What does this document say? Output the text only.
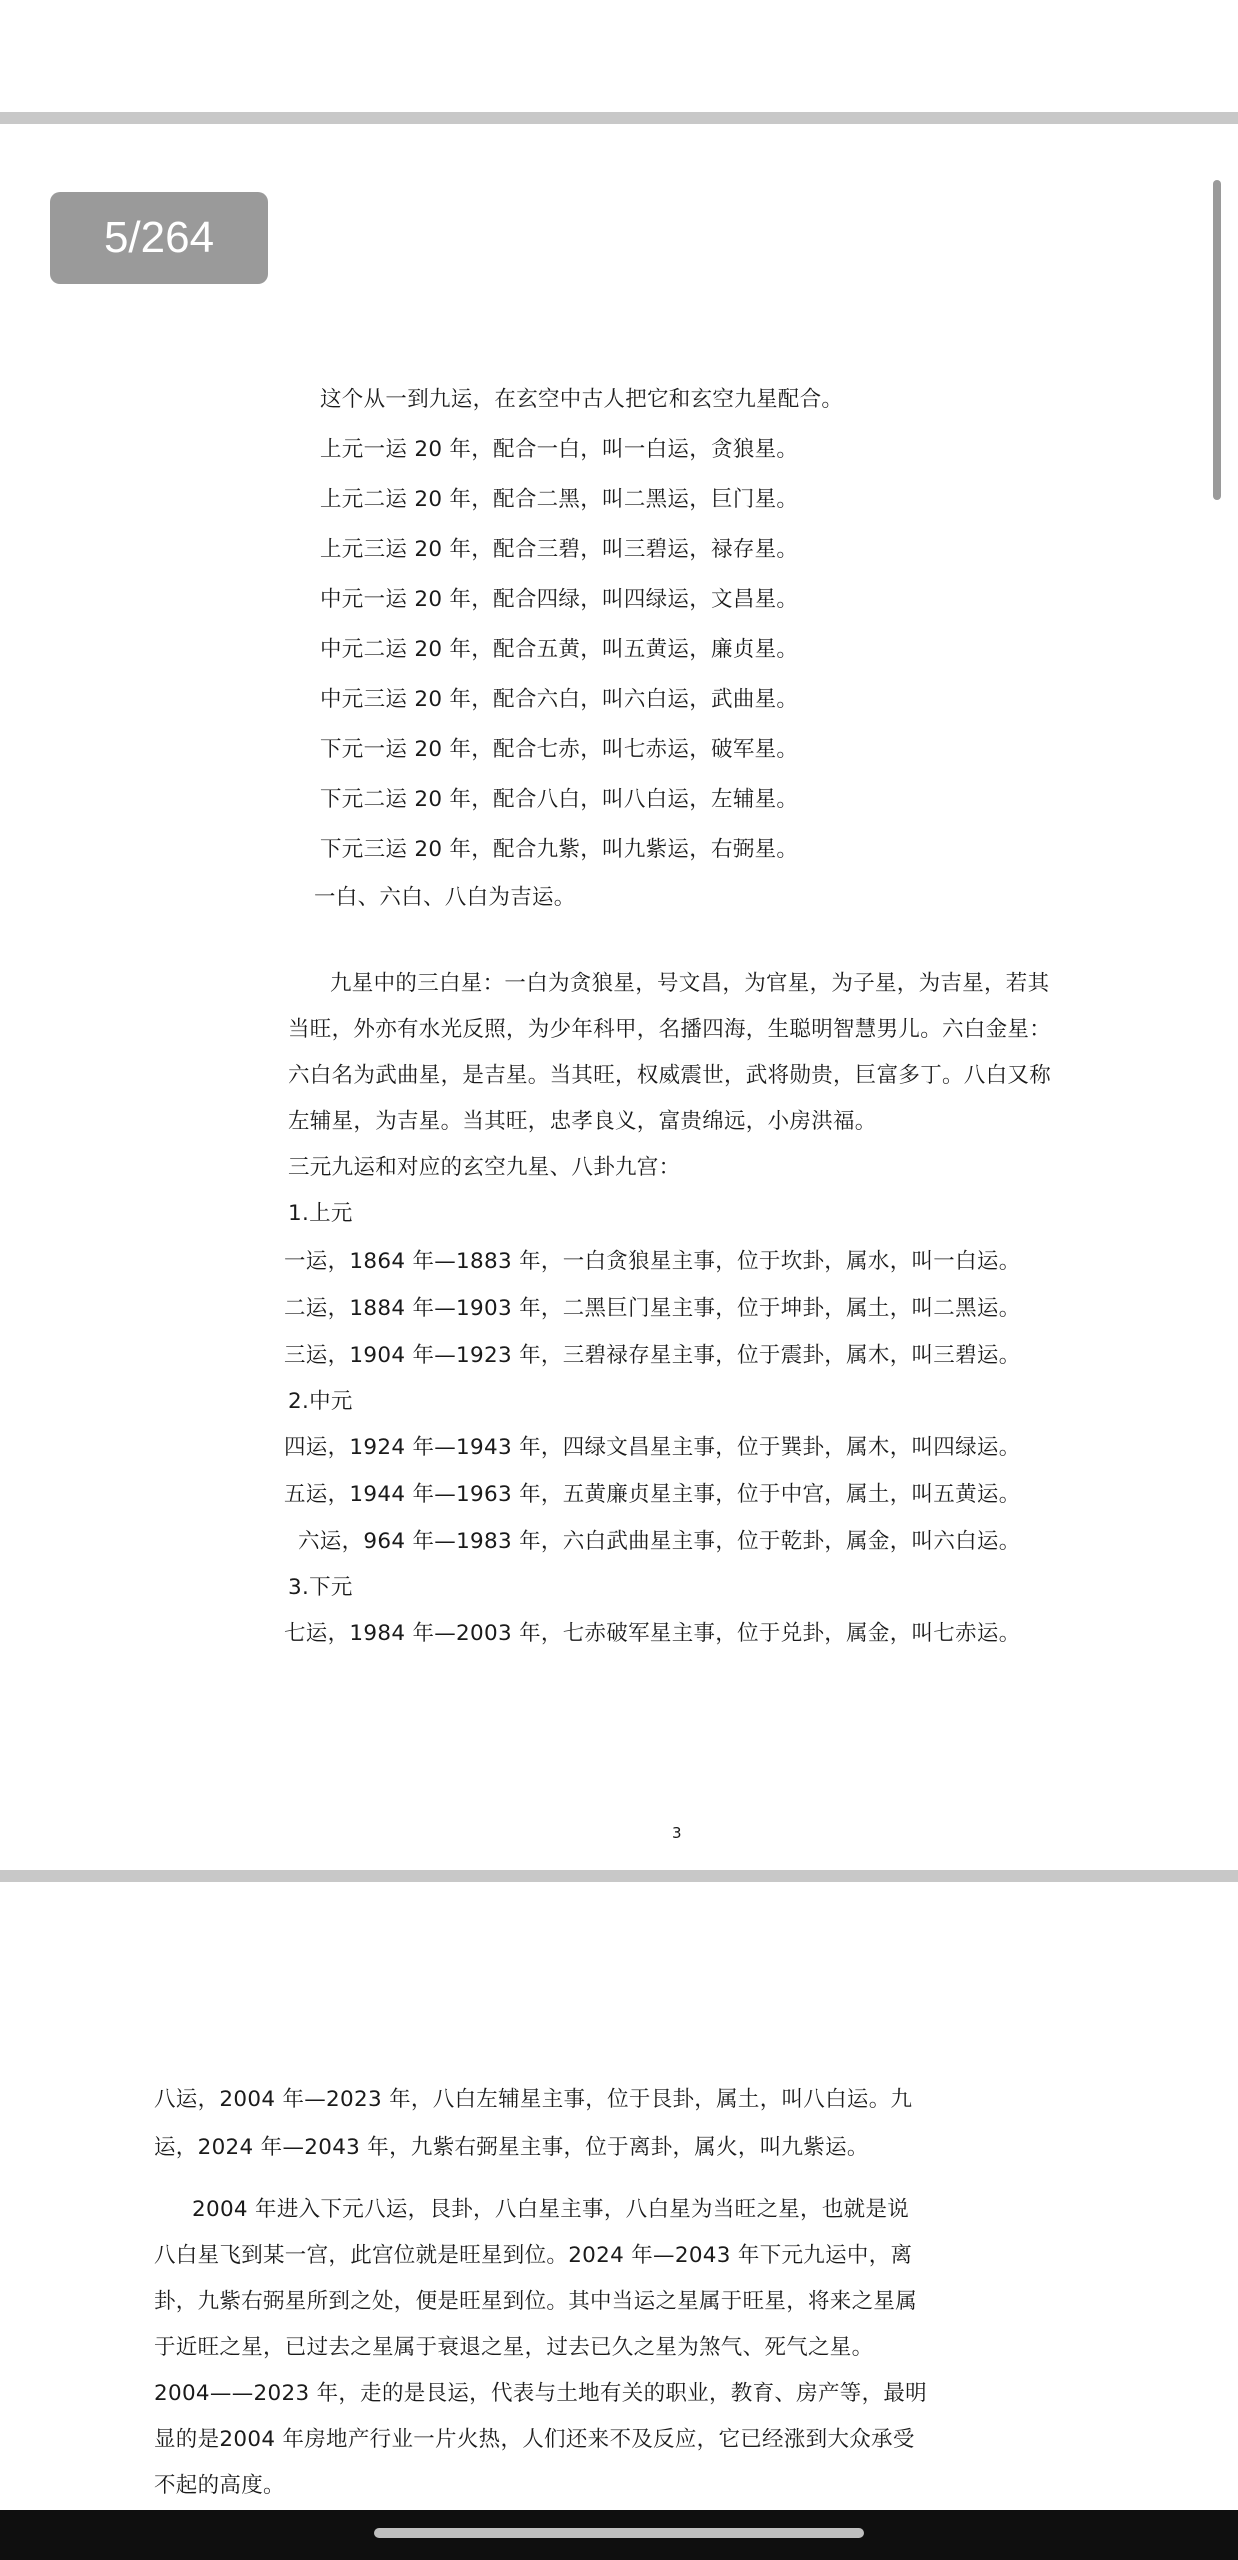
这个从一到九运，在玄空中古人把它和玄空九星配合。
上元一运 20 年，配合一白，叫一白运，贪狼星。
上元二运 20 年，配合二黑，叫二黑运，巨门星。
上元三运 20 年，配合三碧，叫三碧运，禄存星。
中元一运 20 年，配合四绿，叫四绿运，文昌星。
中元二运 20 年，配合五黄，叫五黄运，廉贞星。
中元三运 20 年，配合六白，叫六白运，武曲星。
下元一运 20 年，配合七赤，叫七赤运，破军星。
下元二运 20 年，配合八白，叫八白运，左辅星。
下元三运 20 年，配合九紫，叫九紫运，右弼星。
一白、六白、八白为吉运。
九星中的三白星：一白为贪狼星，号文昌，为官星，为子星，为吉星，若其
当旺，外亦有水光反照，为少年科甲，名播四海，生聪明智慧男儿。六白金星：
六白名为武曲星，是吉星。当其旺，权威震世，武将勋贵，巨富多丁。八白又称
左辅星，为吉星。当其旺，忠孝良义，富贵绵远，小房洪福。
三元九运和对应的玄空九星、八卦九宫：
1.上元
一运，1864 年—1883 年，一白贪狼星主事，位于坎卦，属水，叫一白运。
二运，1884 年—1903 年，二黑巨门星主事，位于坤卦，属土，叫二黑运。
三运，1904 年—1923 年，三碧禄存星主事，位于震卦，属木，叫三碧运。
2.中元
四运，1924 年—1943 年，四绿文昌星主事，位于巽卦，属木，叫四绿运。
五运，1944 年—1963 年，五黄廉贞星主事，位于中宫，属土，叫五黄运。
六运，964 年—1983 年，六白武曲星主事，位于乾卦，属金，叫六白运。
3.下元
七运，1984 年—2003 年，七赤破军星主事，位于兑卦，属金，叫七赤运。
3
5/264
八运，2004 年—2023 年，八白左辅星主事，位于艮卦，属土，叫八白运。九
运，2024 年—2043 年，九紫右弼星主事，位于离卦，属火，叫九紫运。
2004 年进入下元八运，艮卦，八白星主事，八白星为当旺之星，也就是说
八白星飞到某一宫，此宫位就是旺星到位。2024 年—2043 年下元九运中，离
卦，九紫右弼星所到之处，便是旺星到位。其中当运之星属于旺星，将来之星属
于近旺之星，已过去之星属于衰退之星，过去已久之星为煞气、死气之星。
2004——2023 年，走的是艮运，代表与土地有关的职业，教育、房产等，最明
显的是2004 年房地产行业一片火热，人们还来不及反应，它已经涨到大众承受
不起的高度。
